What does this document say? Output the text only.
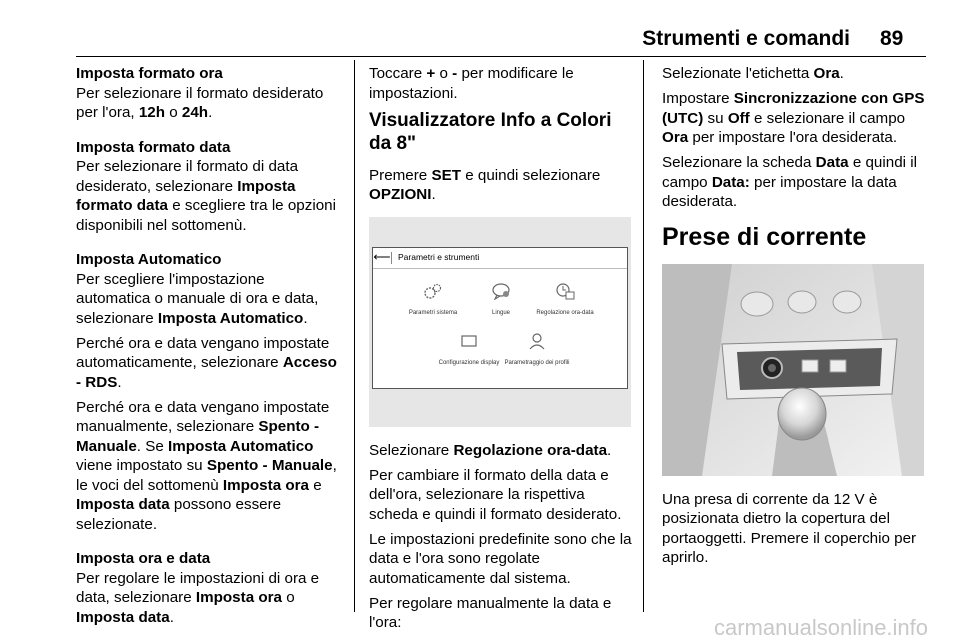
Strumenti e comandi 89

Imposta formato ora
Per selezionare il formato desiderato per l'ora, 12h o 24h.

Imposta formato data
Per selezionare il formato di data desiderato, selezionare Imposta formato data e scegliere tra le opzioni disponibili nel sottomenù.

Imposta Automatico
Per scegliere l'impostazione automatica o manuale di ora e data, selezionare Imposta Automatico.

Perché ora e data vengano impostate automaticamente, selezionare Acceso - RDS.

Perché ora e data vengano impostate manualmente, selezionare Spento - Manuale. Se Imposta Automatico viene impostato su Spento - Manuale, le voci del sottomenù Imposta ora e Imposta data possono essere selezionate.

Imposta ora e data
Per regolare le impostazioni di ora e data, selezionare Imposta ora o Imposta data.

Toccare + o - per modificare le impostazioni.

Visualizzatore Info a Colori da 8"

Premere SET e quindi selezionare OPZIONI.

⟵ Parametri e strumenti
Parametri sistema	Lingue	Regolazione ora-data
Configurazione display Parametraggio dei profili

Selezionare Regolazione ora-data.

Per cambiare il formato della data e dell'ora, selezionare la rispettiva scheda e quindi il formato desiderato.

Le impostazioni predefinite sono che la data e l'ora sono regolate automaticamente dal sistema.

Per regolare manualmente la data e l'ora:

Selezionate l'etichetta Ora.

Impostare Sincronizzazione con GPS (UTC) su Off e selezionare il campo Ora per impostare l'ora desiderata.

Selezionare la scheda Data e quindi il campo Data: per impostare la data desiderata.

Prese di corrente

Una presa di corrente da 12 V è posizionata dietro la copertura del portaoggetti. Premere il coperchio per aprirlo.

carmanualsonline.info
